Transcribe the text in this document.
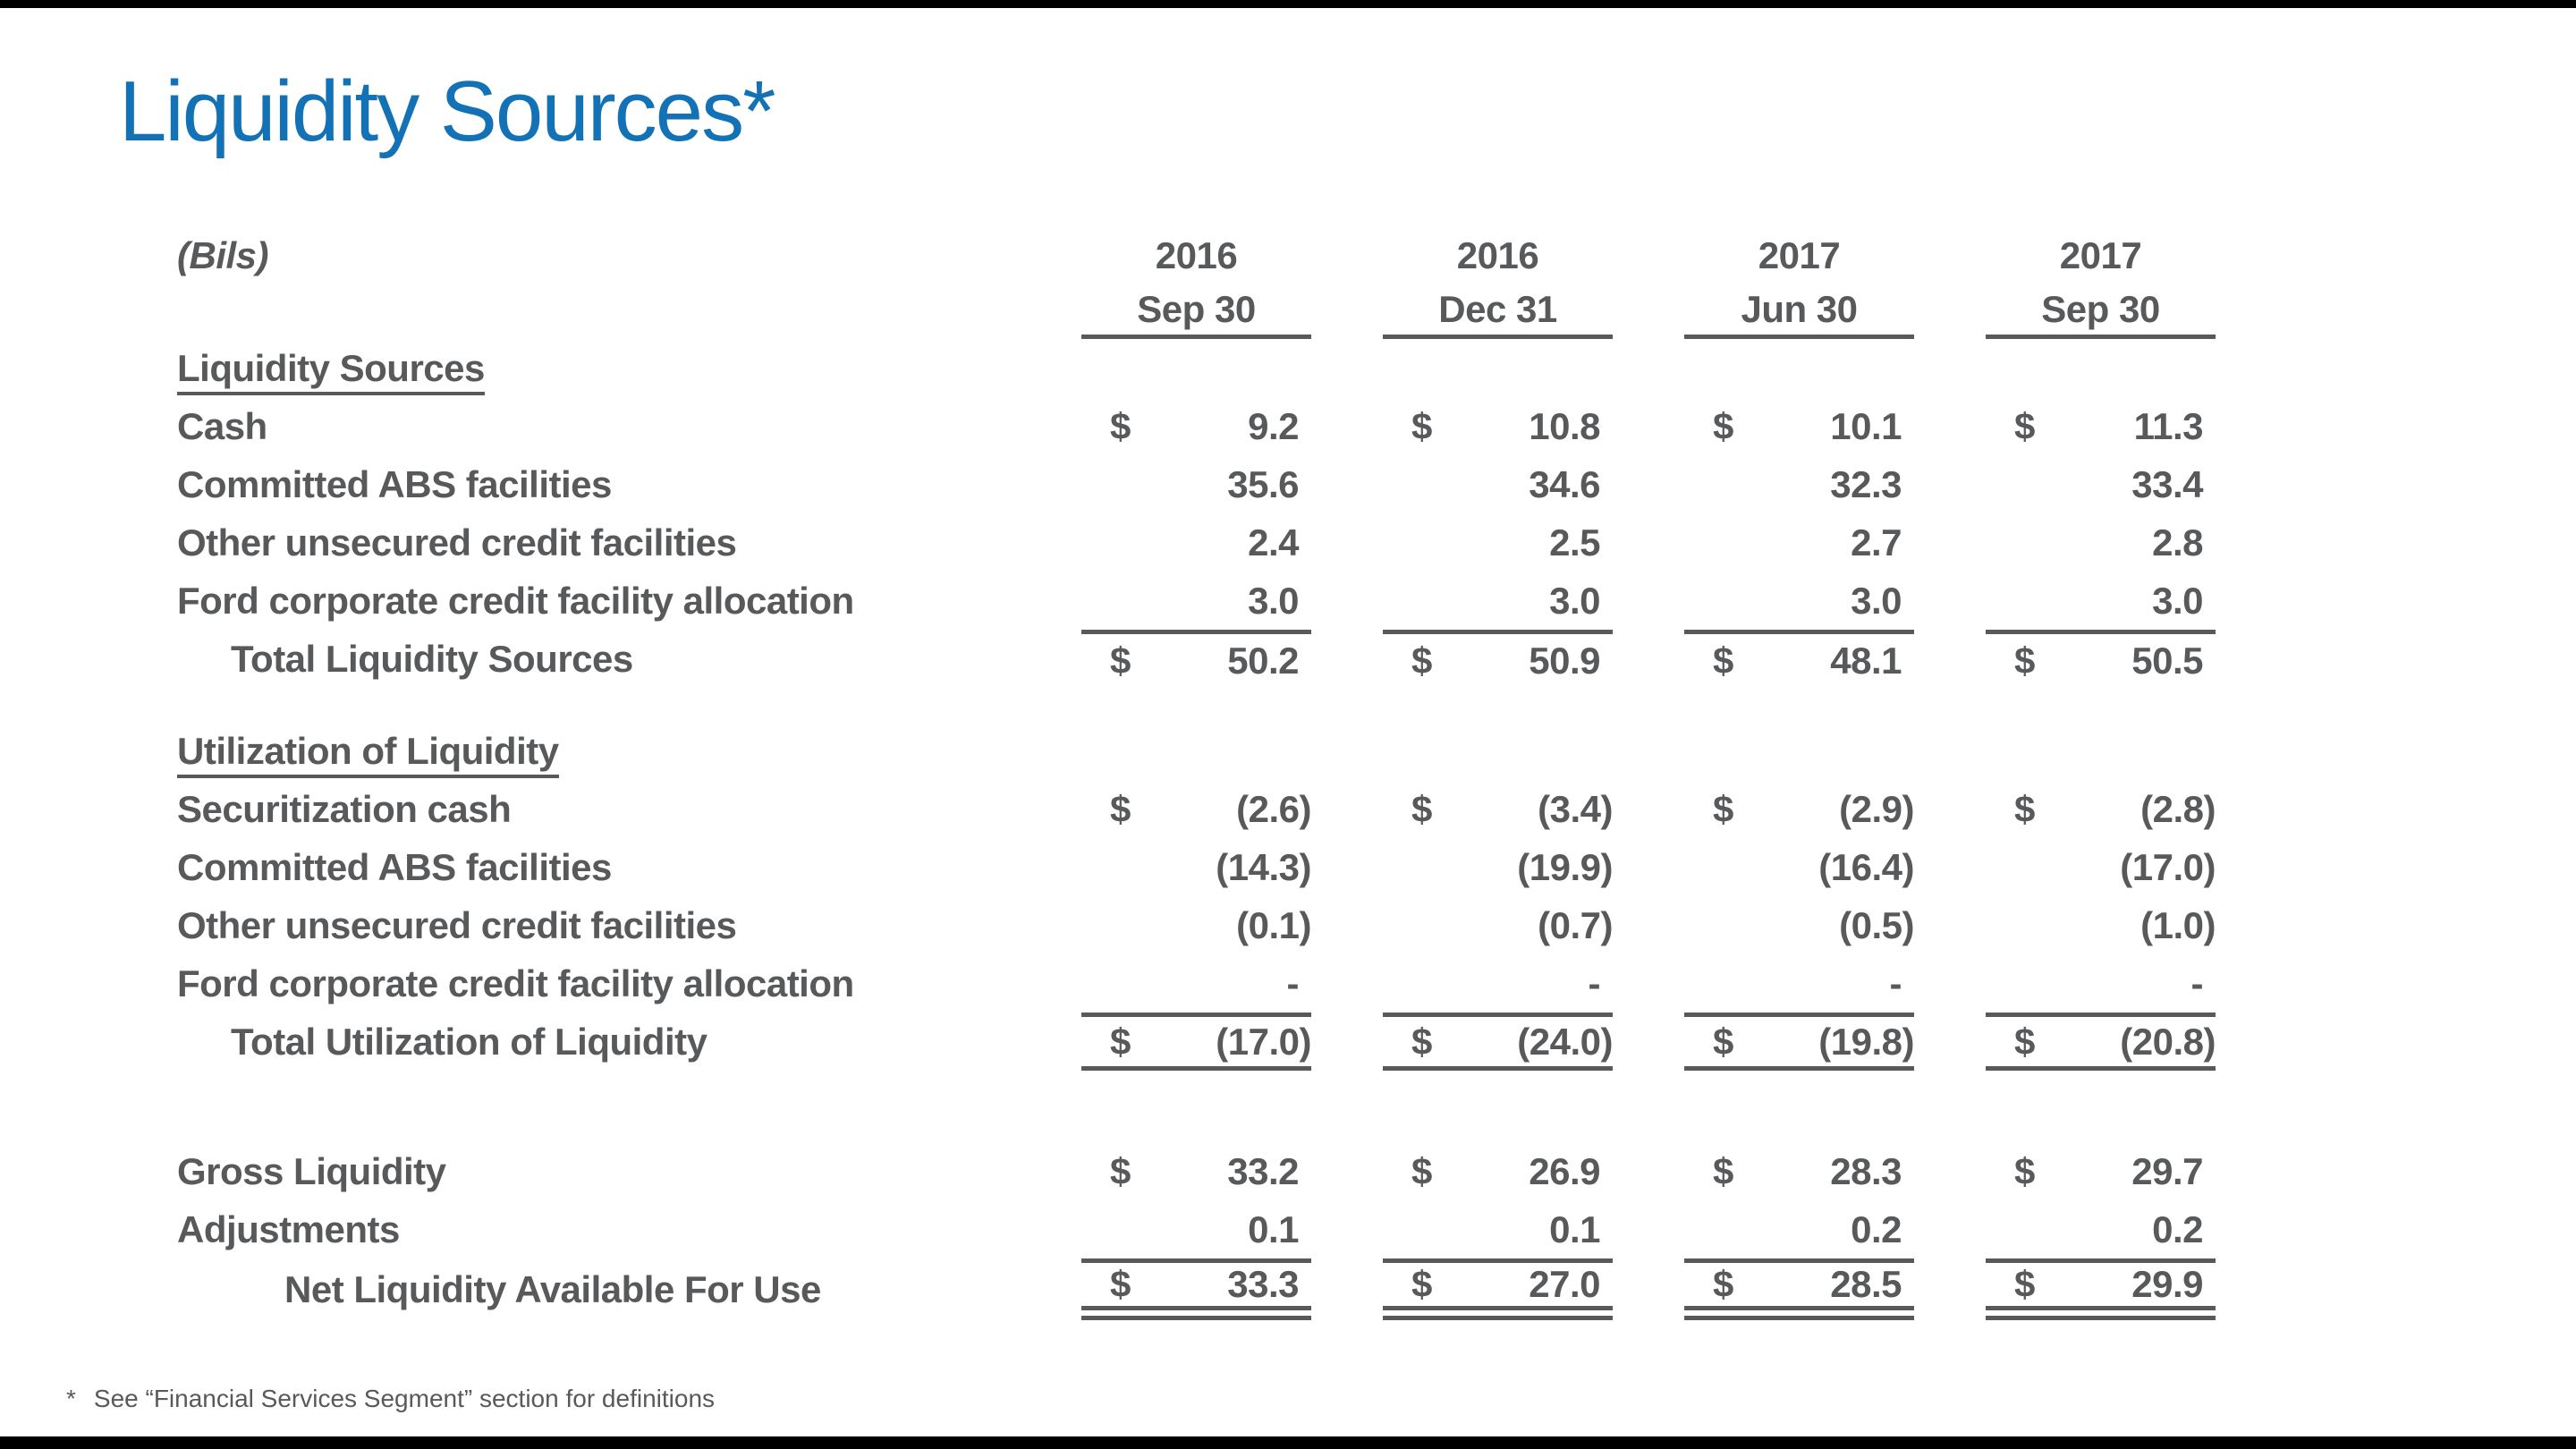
Liquidity Sources*
(Bils)	2016	2016	2017	2017
Sep 30	Dec 31	Jun 30	Sep 30
Liquidity Sources
Cash	$	9.2	$	10.8	$	10.1	$	11.3
Committed ABS facilities	35.6	34.6	32.3	33.4
Other unsecured credit facilities	2.4	2.5	2.7	2.8
Ford corporate credit facility allocation	3.0	3.0	3.0	3.0
Total Liquidity Sources	$	50.2	$	50.9	$	48.1	$	50.5
Utilization of Liquidity
Securitization cash	$	(2.6)	$	(3.4)	$	(2.9)	$	(2.8)
Committed ABS facilities	(14.3)	(19.9)	(16.4)	(17.0)
Other unsecured credit facilities	(0.1)	(0.7)	(0.5)	(1.0)
Ford corporate credit facility allocation	-	-	-	-
Total Utilization of Liquidity	$ (17.0)	$ (24.0)	$ (19.8)	$ (20.8)
Gross Liquidity	$	33.2	$	26.9	$	28.3	$	29.7
Adjustments	0.1	0.1	0.2	0.2
Net Liquidity Available For Use	$	33.3	$	27.0	$	28.5	$	29.9
* See “Financial Services Segment” section for definitions
